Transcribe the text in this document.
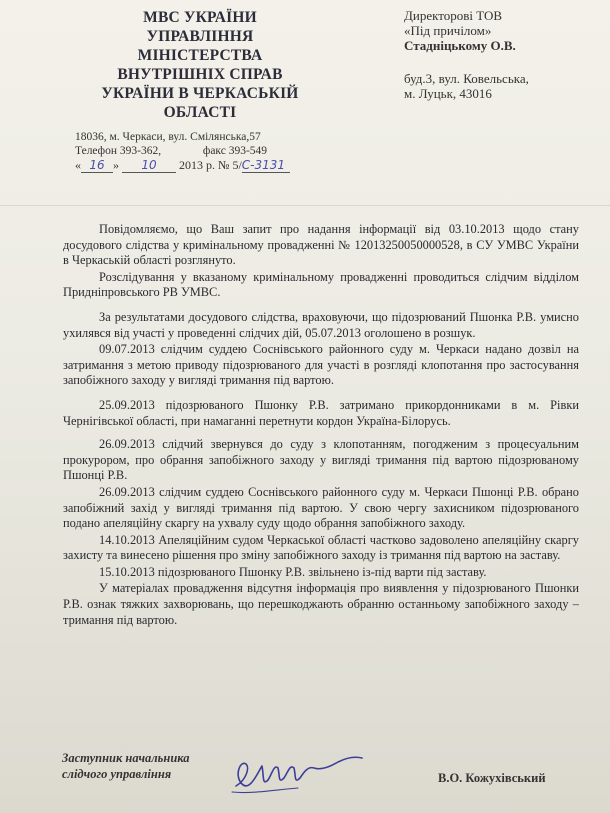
МВС УКРАЇНИ
УПРАВЛІННЯ
МІНІСТЕРСТВА
ВНУТРІШНІХ СПРАВ
УКРАЇНИ В ЧЕРКАСЬКІЙ
ОБЛАСТІ
18036, м. Черкаси, вул. Смілянська,57
Телефон 393-362,	факс 393-549
« 16 » 10 2013 р. № 5/С-3131
Директорові ТОВ
«Під причілом»
Стадніцькому О.В.
буд.3, вул. Ковельська,
м. Луцьк, 43016

Повідомляємо, що Ваш запит про надання інформації від 03.10.2013 щодо стану досудового слідства у кримінальному провадженні № 12013250050000528, в СУ УМВС України в Черкаській області розглянуто.

Розслідування у вказаному кримінальному провадженні проводиться слідчим відділом Придніпровського РВ УМВС.

За результатами досудового слідства, враховуючи, що підозрюваний Пшонка Р.В. умисно ухилявся від участі у проведенні слідчих дій, 05.07.2013 оголошено в розшук.

09.07.2013 слідчим суддею Соснівського районного суду м. Черкаси надано дозвіл на затримання з метою приводу підозрюваного для участі в розгляді клопотання про застосування запобіжного заходу у вигляді тримання під вартою.

25.09.2013 підозрюваного Пшонку Р.В. затримано прикордонниками в м. Рівки Чернігівської області, при намаганні перетнути кордон Україна-Білорусь.

26.09.2013 слідчий звернувся до суду з клопотанням, погодженим з процесуальним прокурором, про обрання запобіжного заходу у вигляді тримання під вартою підозрюваному Пшонці Р.В.

26.09.2013 слідчим суддею Соснівського районного суду м. Черкаси Пшонці Р.В. обрано запобіжний захід у вигляді тримання під вартою. У свою чергу захисником підозрюваного подано апеляційну скаргу на ухвалу суду щодо обрання запобіжного заходу.

14.10.2013 Апеляційним судом Черкаської області частково задоволено апеляційну скаргу захисту та винесено рішення про зміну запобіжного заходу із тримання під вартою на заставу.

15.10.2013 підозрюваного Пшонку Р.В. звільнено із-під варти під заставу.

У матеріалах провадження відсутня інформація про виявлення у підозрюваного Пшонки Р.В. ознак тяжких захворювань, що перешкоджають обранню останньому запобіжного заходу – тримання під вартою.

Заступник начальника
слідчого управління	В.О. Кожухівський
